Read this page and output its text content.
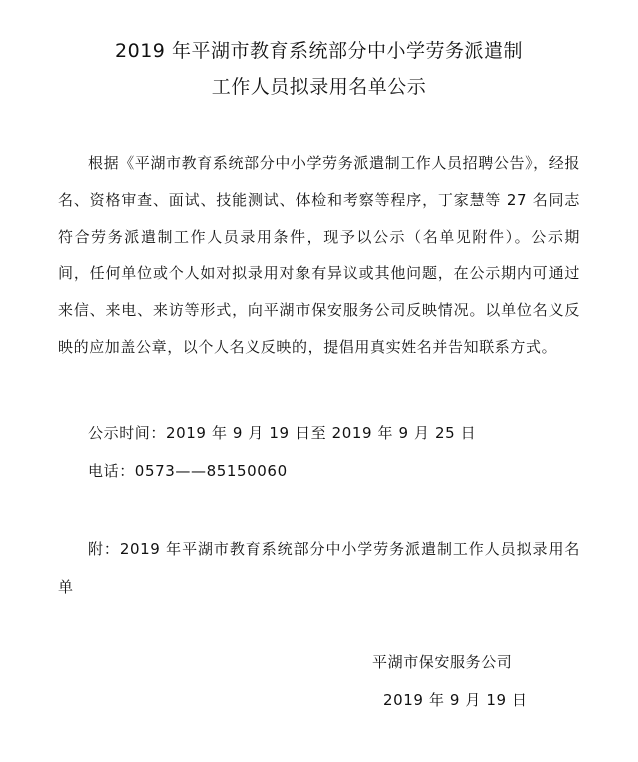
2019 年平湖市教育系统部分中小学劳务派遣制
工作人员拟录用名单公示
根据《平湖市教育系统部分中小学劳务派遣制工作人员招聘公告》，经报名、资格审查、面试、技能测试、体检和考察等程序，丁家慧等 27 名同志符合劳务派遣制工作人员录用条件，现予以公示（名单见附件）。公示期间，任何单位或个人如对拟录用对象有异议或其他问题，在公示期内可通过来信、来电、来访等形式，向平湖市保安服务公司反映情况。以单位名义反映的应加盖公章，以个人名义反映的，提倡用真实姓名并告知联系方式。
公示时间：2019 年 9 月 19 日至 2019 年 9 月 25 日
电话：0573——85150060
附：2019 年平湖市教育系统部分中小学劳务派遣制工作人员拟录用名单
平湖市保安服务公司
2019 年 9 月 19 日
